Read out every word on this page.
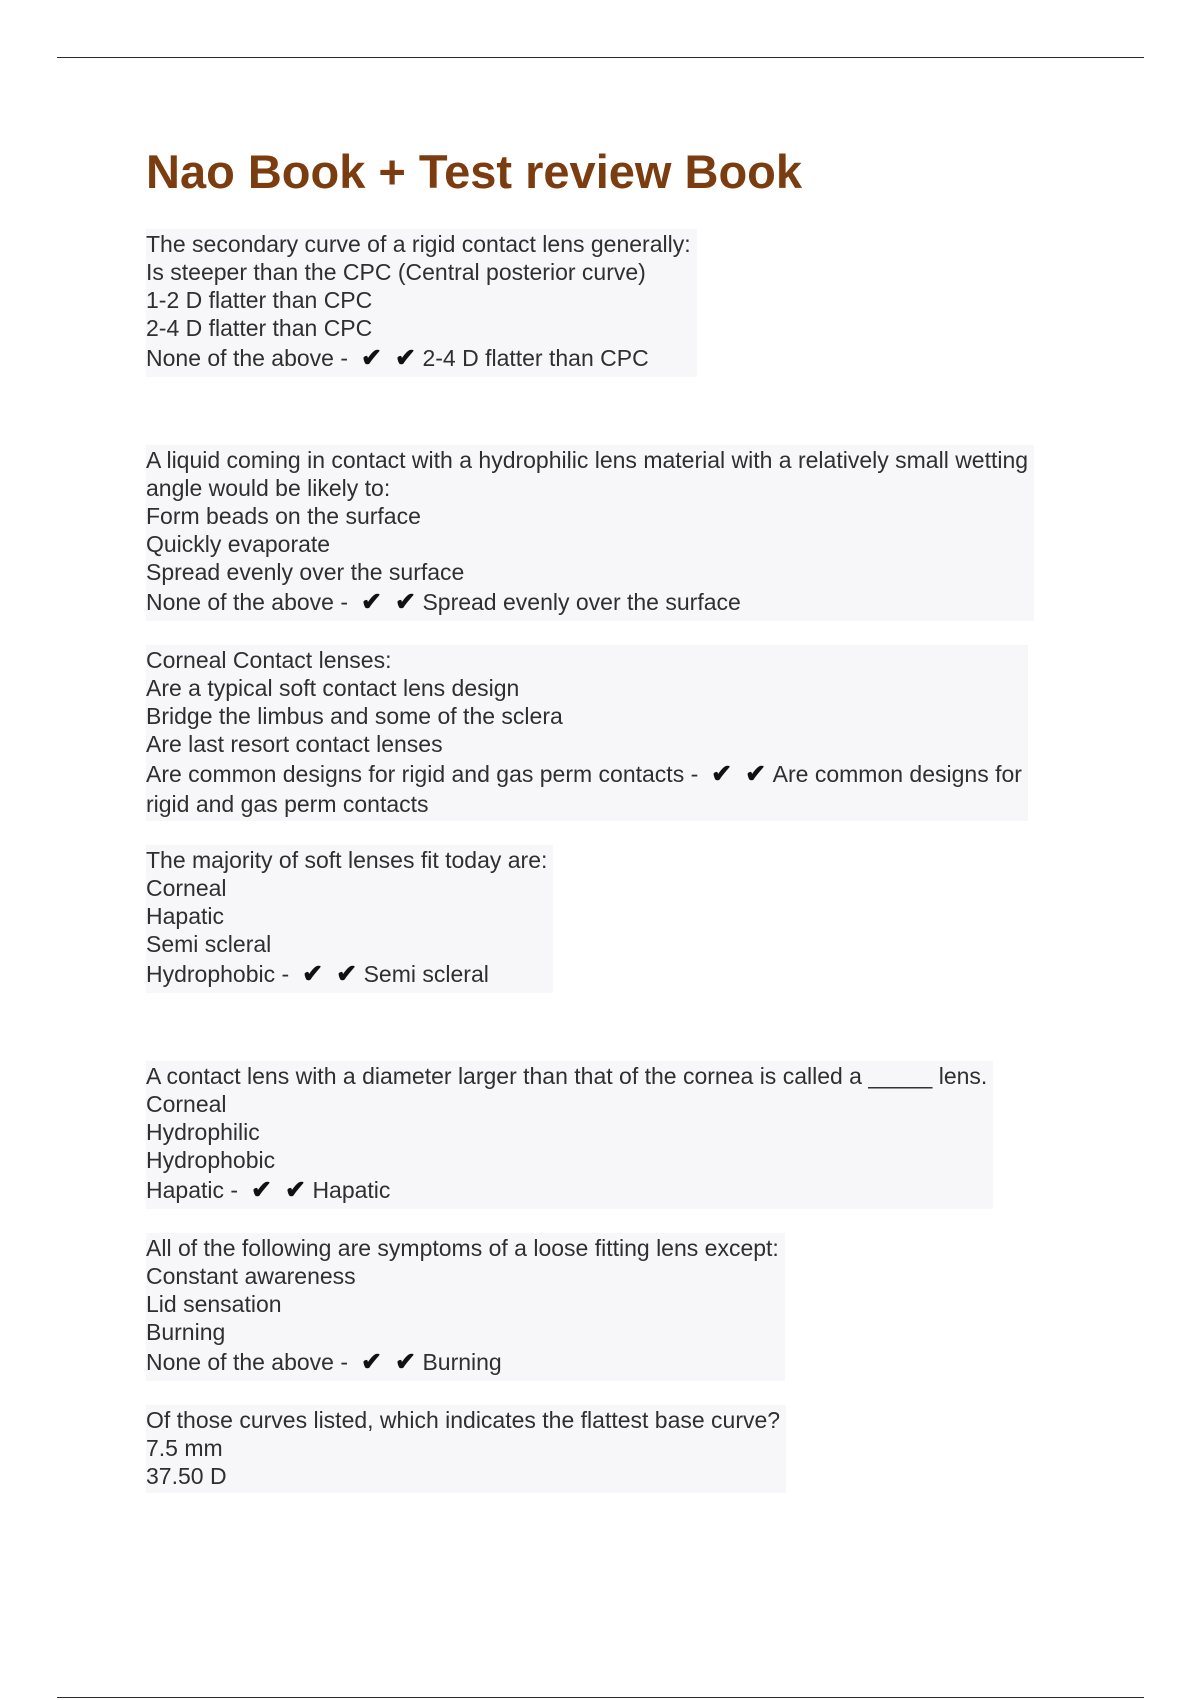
Nao Book + Test review Book
The secondary curve of a rigid contact lens generally:
Is steeper than the CPC (Central posterior curve)
1-2 D flatter than CPC
2-4 D flatter than CPC
None of the above - ✔ ✔ 2-4 D flatter than CPC
A liquid coming in contact with a hydrophilic lens material with a relatively small wetting
angle would be likely to:
Form beads on the surface
Quickly evaporate
Spread evenly over the surface
None of the above - ✔ ✔ Spread evenly over the surface
Corneal Contact lenses:
Are a typical soft contact lens design
Bridge the limbus and some of the sclera
Are last resort contact lenses
Are common designs for rigid and gas perm contacts - ✔ ✔ Are common designs for
rigid and gas perm contacts
The majority of soft lenses fit today are:
Corneal
Hapatic
Semi scleral
Hydrophobic - ✔ ✔ Semi scleral
A contact lens with a diameter larger than that of the cornea is called a _____ lens.
Corneal
Hydrophilic
Hydrophobic
Hapatic - ✔ ✔ Hapatic
All of the following are symptoms of a loose fitting lens except:
Constant awareness
Lid sensation
Burning
None of the above - ✔ ✔ Burning
Of those curves listed, which indicates the flattest base curve?
7.5 mm
37.50 D
